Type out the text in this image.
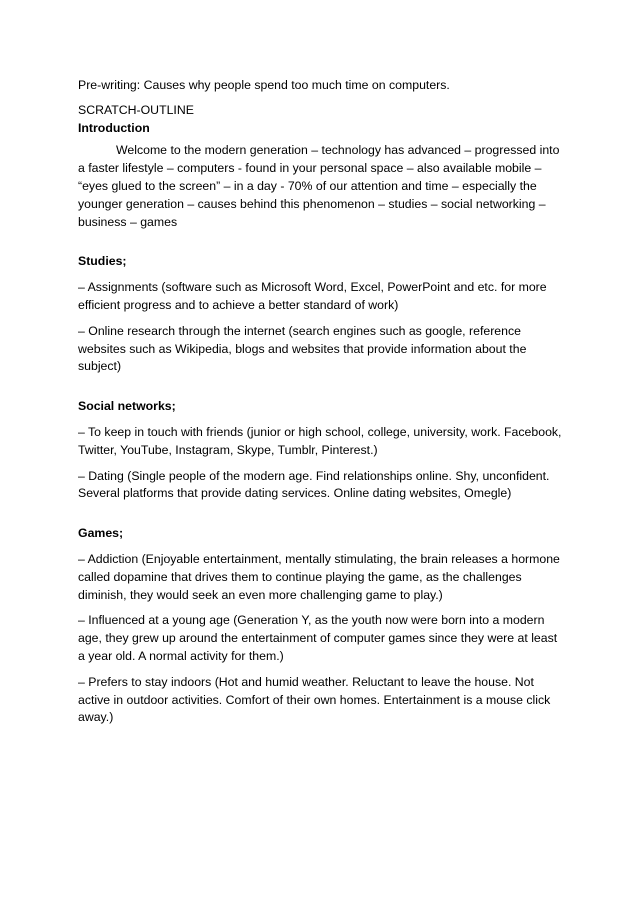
Pre-writing: Causes why people spend too much time on computers.

SCRATCH-OUTLINE

Introduction

Welcome to the modern generation – technology has advanced – progressed into a faster lifestyle – computers - found in your personal space – also available mobile – “eyes glued to the screen” – in a day - 70% of our attention and time – especially the younger generation – causes behind this phenomenon – studies – social networking – business – games

Studies;

– Assignments (software such as Microsoft Word, Excel, PowerPoint and etc. for more efficient progress and to achieve a better standard of work)

– Online research through the internet (search engines such as google, reference websites such as Wikipedia, blogs and websites that provide information about the subject)

Social networks;

– To keep in touch with friends (junior or high school, college, university, work. Facebook, Twitter, YouTube, Instagram, Skype, Tumblr, Pinterest.)

– Dating (Single people of the modern age. Find relationships online. Shy, unconfident. Several platforms that provide dating services. Online dating websites, Omegle)

Games;

– Addiction (Enjoyable entertainment, mentally stimulating, the brain releases a hormone called dopamine that drives them to continue playing the game, as the challenges diminish, they would seek an even more challenging game to play.)

– Influenced at a young age (Generation Y, as the youth now were born into a modern age, they grew up around the entertainment of computer games since they were at least a year old. A normal activity for them.)

– Prefers to stay indoors (Hot and humid weather. Reluctant to leave the house. Not active in outdoor activities. Comfort of their own homes. Entertainment is a mouse click away.)
